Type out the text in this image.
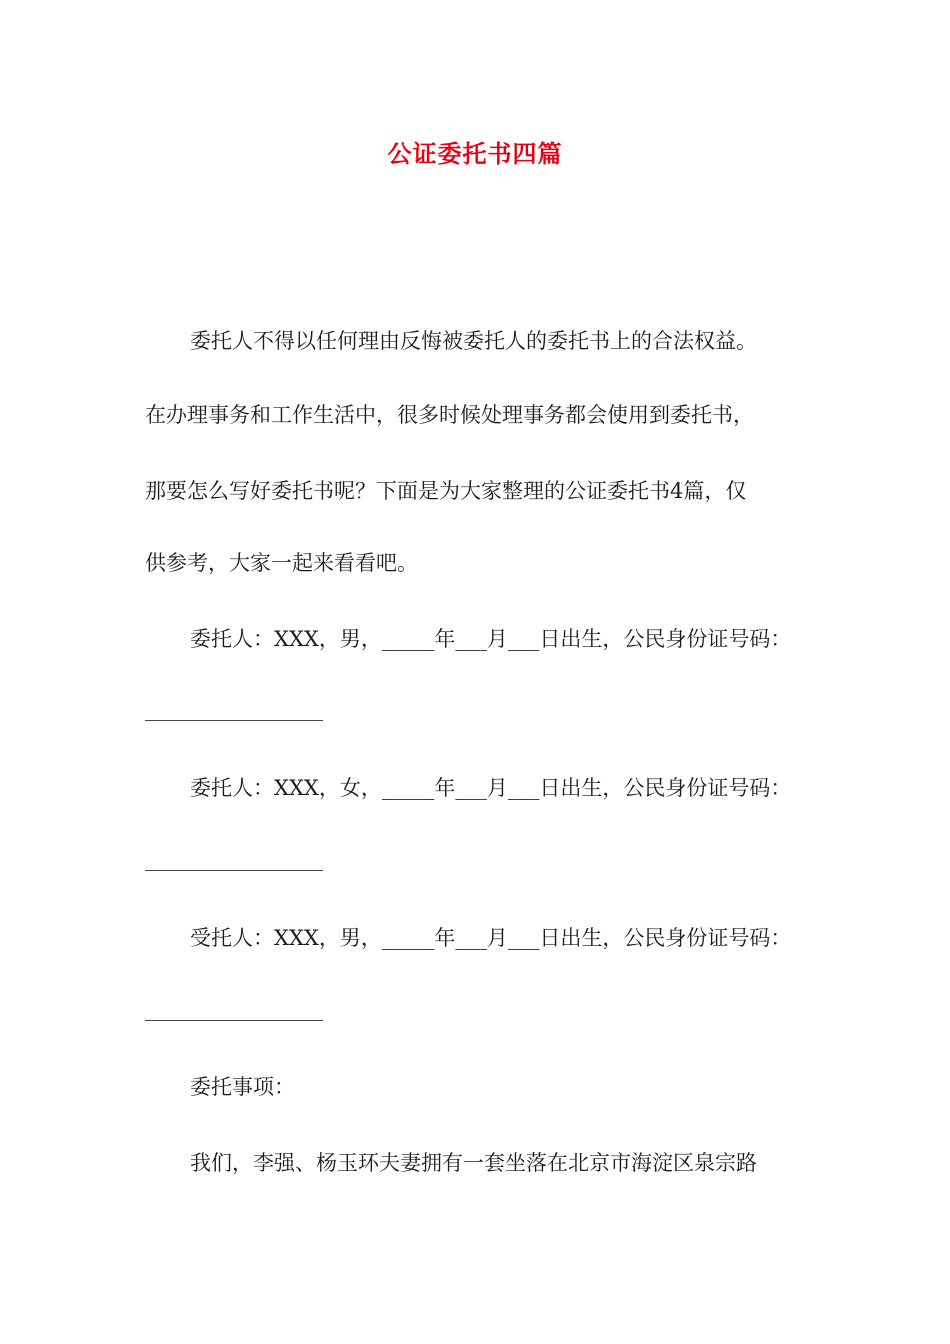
公证委托书四篇
委托人不得以任何理由反悔被委托人的委托书上的合法权益。
在办理事务和工作生活中，很多时候处理事务都会使用到委托书，
那要怎么写好委托书呢？下面是为大家整理的公证委托书4篇，仅
供参考，大家一起来看看吧。
委托人：XXX，男，_____年___月___日出生，公民身份证号码：
委托人：XXX，女，_____年___月___日出生，公民身份证号码：
受托人：XXX，男，_____年___月___日出生，公民身份证号码：
委托事项：
我们，李强、杨玉环夫妻拥有一套坐落在北京市海淀区泉宗路
